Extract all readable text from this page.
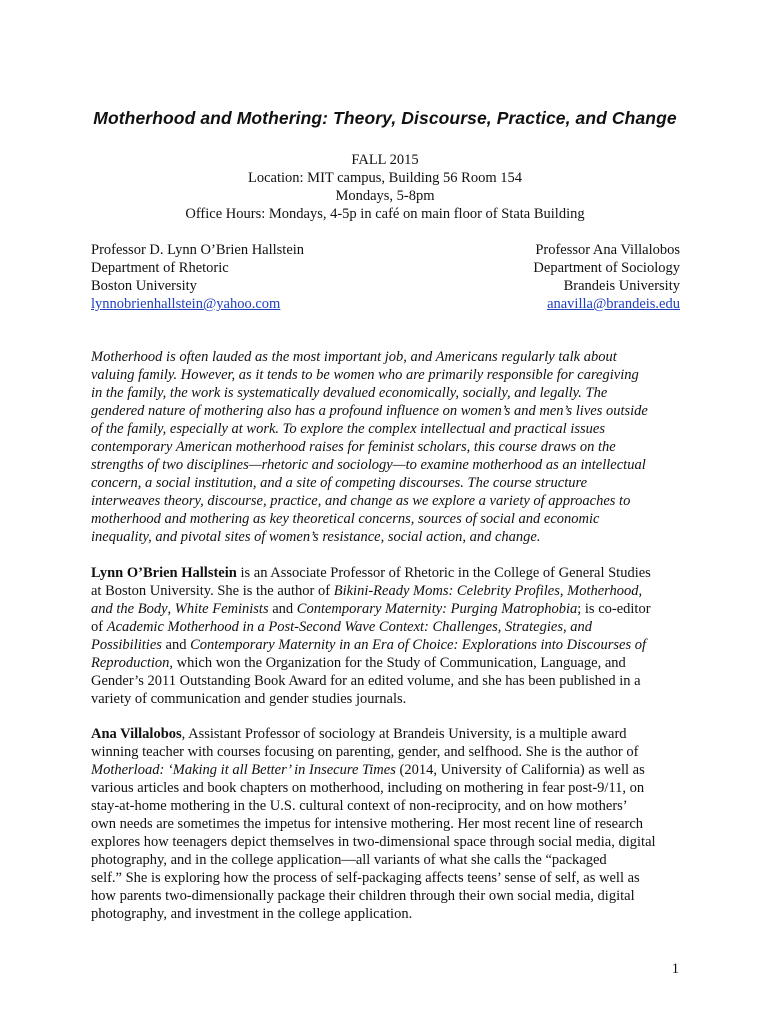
Motherhood and Mothering: Theory, Discourse, Practice, and Change
FALL 2015
Location: MIT campus, Building 56 Room 154
Mondays, 5-8pm
Office Hours: Mondays, 4-5p in café on main floor of Stata Building
Professor D. Lynn O’Brien Hallstein
Department of Rhetoric
Boston University
lynnobrienhallstein@yahoo.com
Professor Ana Villalobos
Department of Sociology
Brandeis University
anavilla@brandeis.edu
Motherhood is often lauded as the most important job, and Americans regularly talk about
valuing family. However, as it tends to be women who are primarily responsible for caregiving
in the family, the work is systematically devalued economically, socially, and legally. The
gendered nature of mothering also has a profound influence on women’s and men’s lives outside
of the family, especially at work. To explore the complex intellectual and practical issues
contemporary American motherhood raises for feminist scholars, this course draws on the
strengths of two disciplines—rhetoric and sociology—to examine motherhood as an intellectual
concern, a social institution, and a site of competing discourses. The course structure
interweaves theory, discourse, practice, and change as we explore a variety of approaches to
motherhood and mothering as key theoretical concerns, sources of social and economic
inequality, and pivotal sites of women’s resistance, social action, and change.
Lynn O’Brien Hallstein is an Associate Professor of Rhetoric in the College of General Studies
at Boston University. She is the author of Bikini-Ready Moms: Celebrity Profiles, Motherhood,
and the Body, White Feminists and Contemporary Maternity: Purging Matrophobia; is co-editor
of Academic Motherhood in a Post-Second Wave Context: Challenges, Strategies, and
Possibilities and Contemporary Maternity in an Era of Choice: Explorations into Discourses of
Reproduction, which won the Organization for the Study of Communication, Language, and
Gender’s 2011 Outstanding Book Award for an edited volume, and she has been published in a
variety of communication and gender studies journals.
Ana Villalobos, Assistant Professor of sociology at Brandeis University, is a multiple award
winning teacher with courses focusing on parenting, gender, and selfhood. She is the author of
Motherload: ‘Making it all Better’ in Insecure Times (2014, University of California) as well as
various articles and book chapters on motherhood, including on mothering in fear post-9/11, on
stay-at-home mothering in the U.S. cultural context of non-reciprocity, and on how mothers’
own needs are sometimes the impetus for intensive mothering. Her most recent line of research
explores how teenagers depict themselves in two-dimensional space through social media, digital
photography, and in the college application—all variants of what she calls the “packaged
self.” She is exploring how the process of self-packaging affects teens’ sense of self, as well as
how parents two-dimensionally package their children through their own social media, digital
photography, and investment in the college application.
1
